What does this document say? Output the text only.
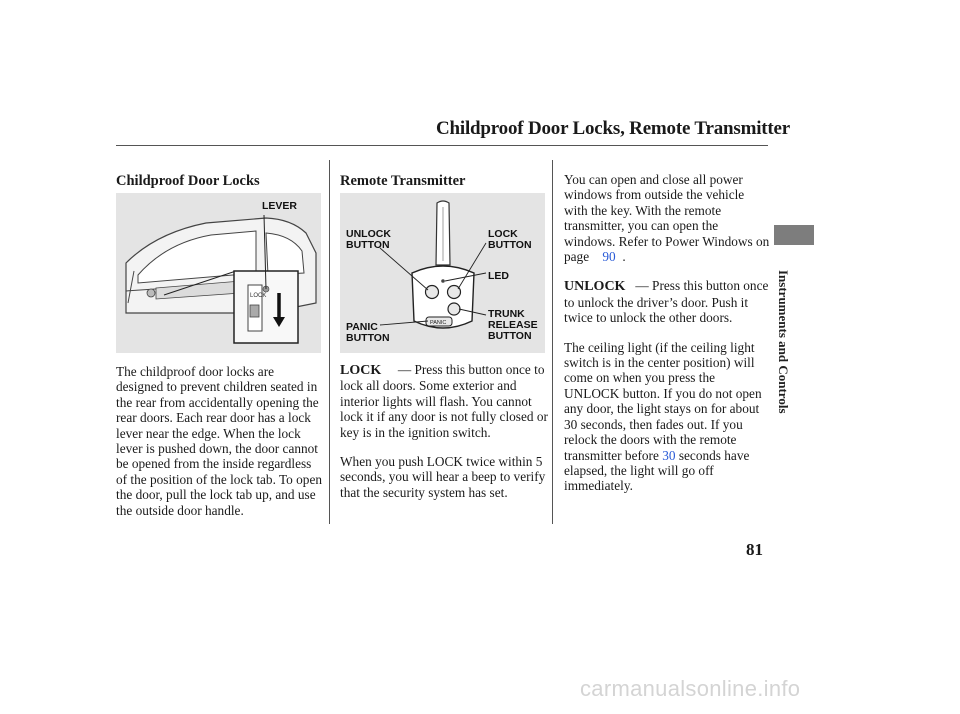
Childproof Door Locks, Remote Transmitter
Childproof Door Locks
LOCK
LEVER

The childproof door locks are designed to prevent children seated in the rear from accidentally opening the rear doors. Each rear door has a lock lever near the edge. When the lock lever is pushed down, the door cannot be opened from the inside regardless of the position of the lock tab. To open the door, pull the lock tab up, and use the outside door handle.

Remote Transmitter
PANIC
UNLOCK
BUTTON
LOCK
BUTTON
LED
PANIC
BUTTON
TRUNK
RELEASE
BUTTON

LOCK     — Press this button once to lock all doors. Some exterior and interior lights will flash. You cannot lock it if any door is not fully closed or key is in the ignition switch.

When you push LOCK twice within 5 seconds, you will hear a beep to verify that the security system has set.

You can open and close all power windows from outside the vehicle with the key. With the remote transmitter, you can open the windows. Refer to Power Windows on page 90 .

UNLOCK   — Press this button once to unlock the driver’s door. Push it twice to unlock the other doors.

The ceiling light (if the ceiling light switch is in the center position) will come on when you press the UNLOCK button. If you do not open any door, the light stays on for about 30 seconds, then fades out. If you relock the doors with the remote transmitter before 30 seconds have elapsed, the light will go off immediately.

Instruments and Controls
81
carmanualsonline.info
